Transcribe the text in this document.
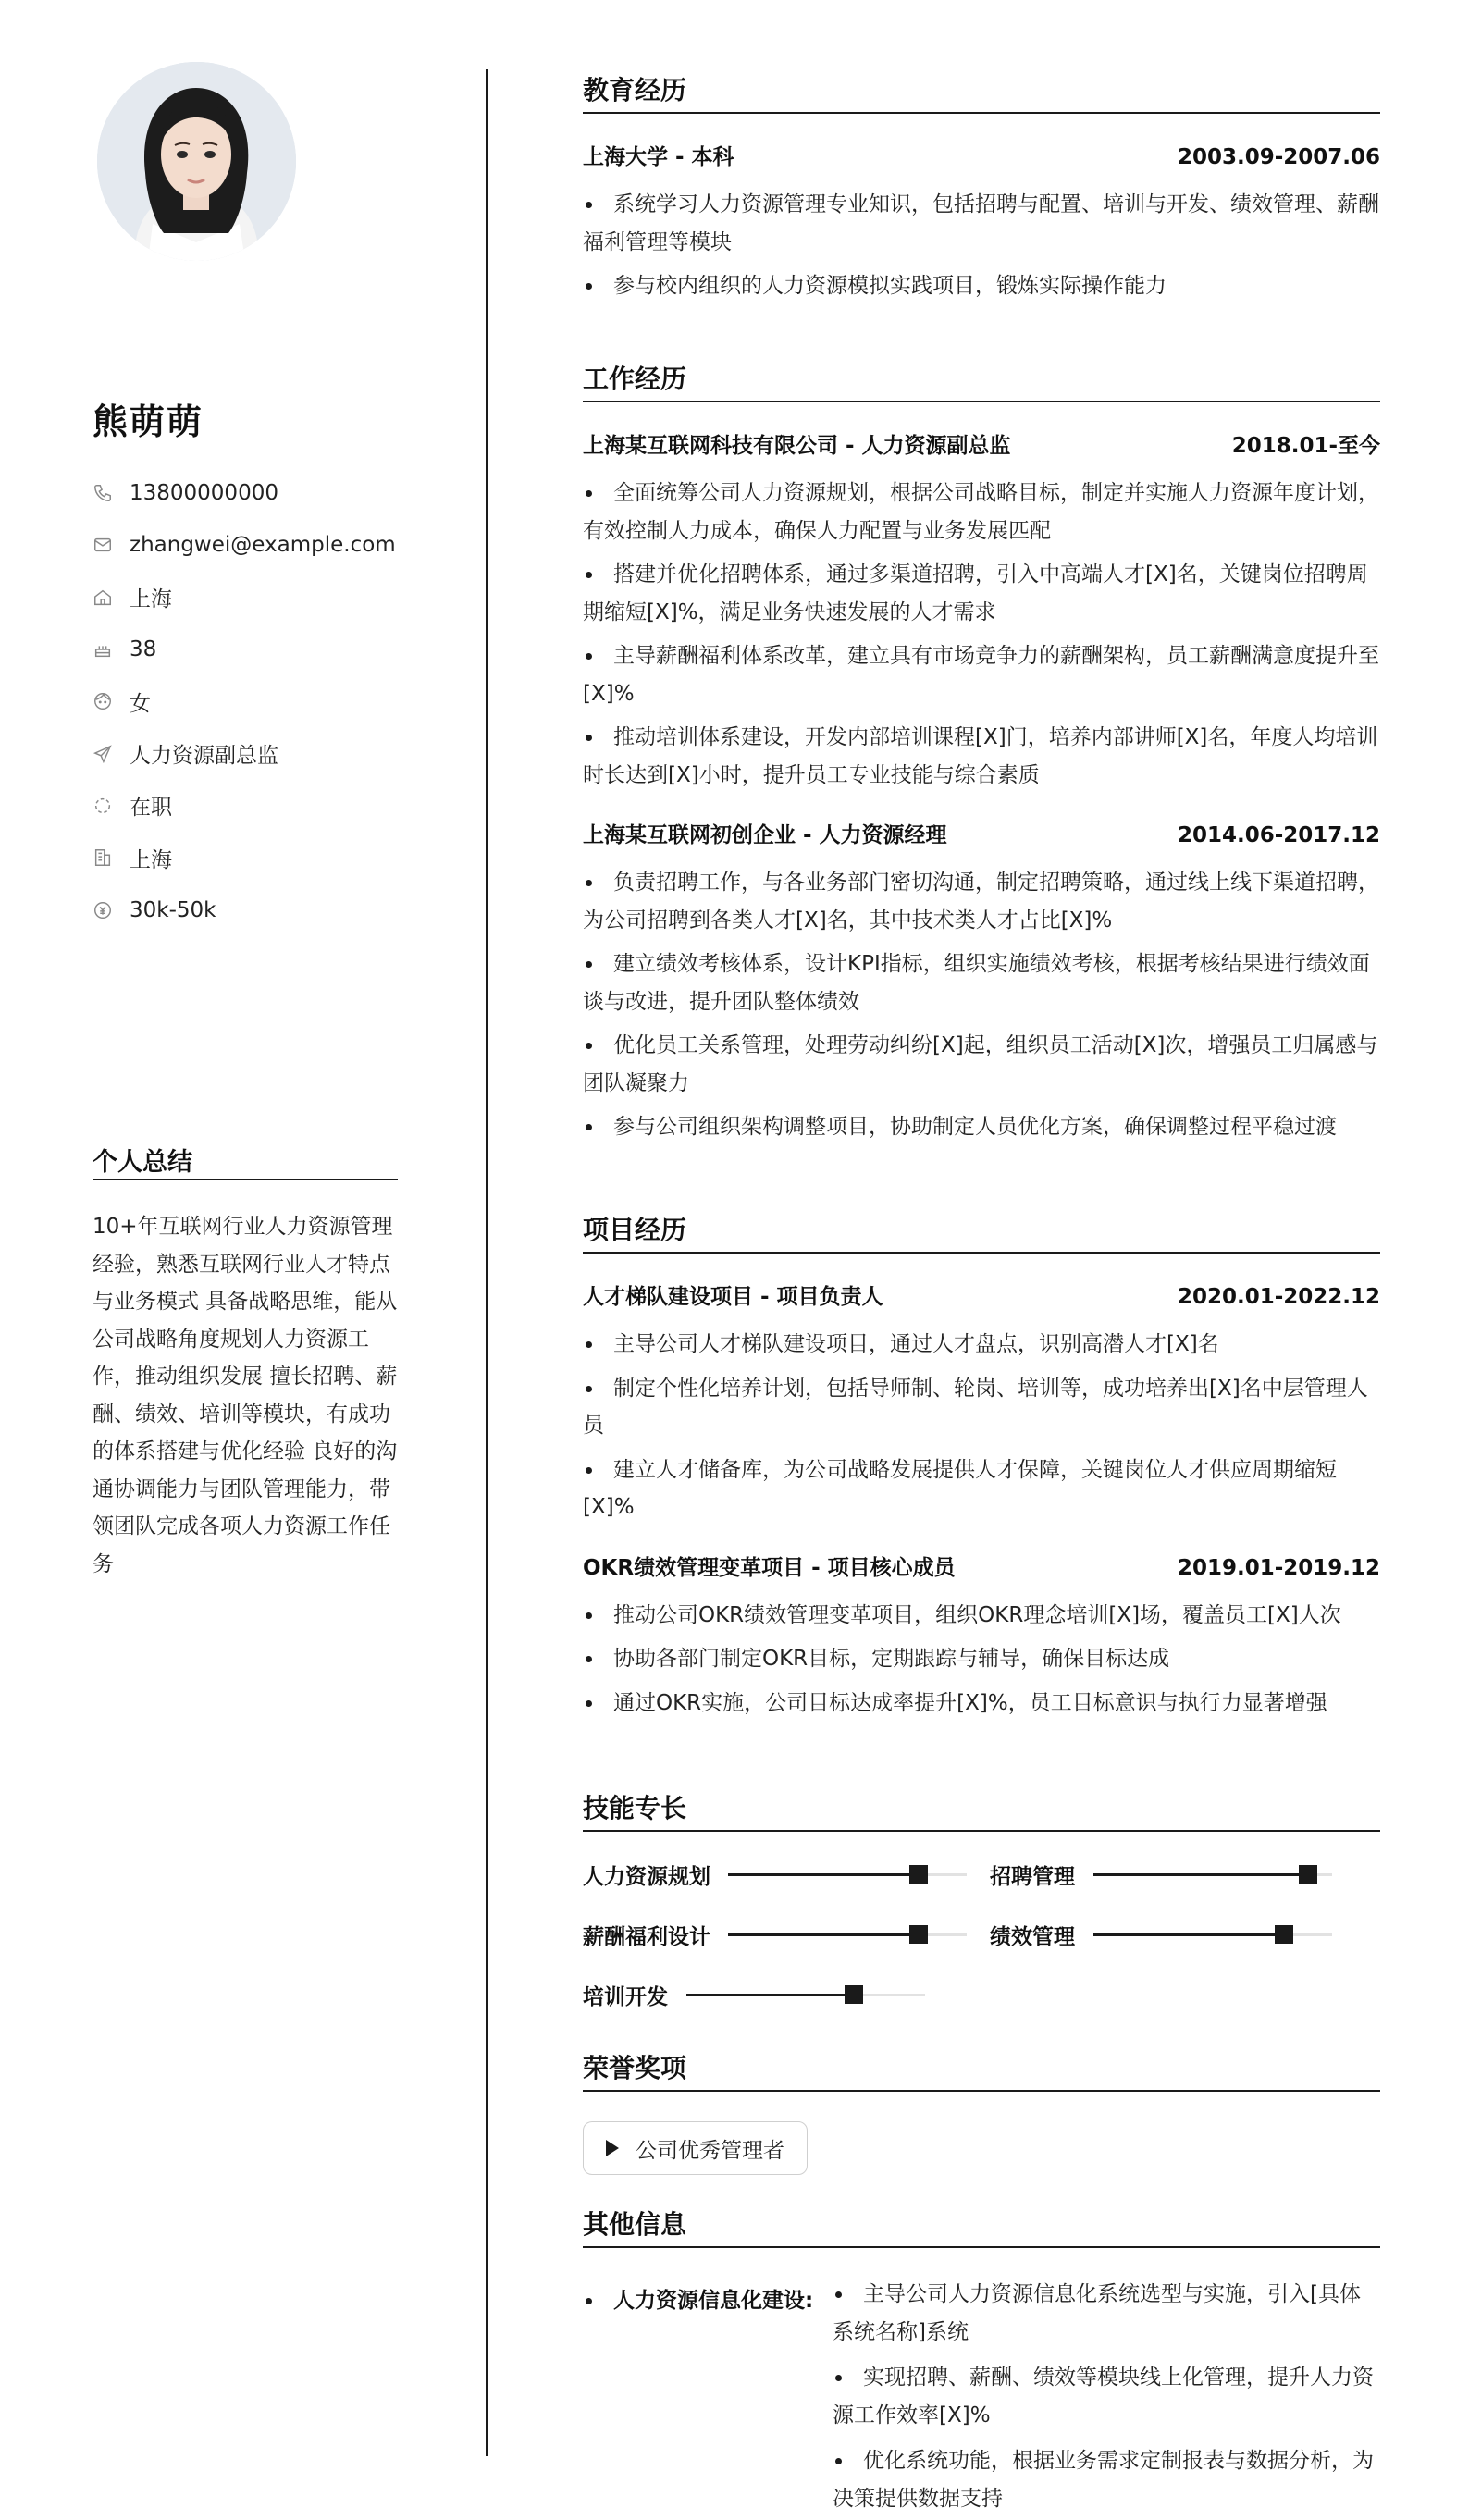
熊萌萌
13800000000
zhangwei@example.com
上海
38
女
人力资源副总监
在职
上海
30k-50k
个人总结
10+年互联网行业人力资源管理经验，熟悉互联网行业人才特点与业务模式 具备战略思维，能从公司战略角度规划人力资源工作，推动组织发展 擅长招聘、薪酬、绩效、培训等模块，有成功的体系搭建与优化经验 良好的沟通协调能力与团队管理能力，带领团队完成各项人力资源工作任务
教育经历
上海大学 - 本科	2003.09-2007.06
系统学习人力资源管理专业知识，包括招聘与配置、培训与开发、绩效管理、薪酬福利管理等模块
参与校内组织的人力资源模拟实践项目，锻炼实际操作能力
工作经历
上海某互联网科技有限公司 - 人力资源副总监	2018.01-至今
全面统筹公司人力资源规划，根据公司战略目标，制定并实施人力资源年度计划，有效控制人力成本，确保人力配置与业务发展匹配
搭建并优化招聘体系，通过多渠道招聘，引入中高端人才[X]名，关键岗位招聘周期缩短[X]%，满足业务快速发展的人才需求
主导薪酬福利体系改革，建立具有市场竞争力的薪酬架构，员工薪酬满意度提升至[X]%
推动培训体系建设，开发内部培训课程[X]门，培养内部讲师[X]名，年度人均培训时长达到[X]小时，提升员工专业技能与综合素质
上海某互联网初创企业 - 人力资源经理	2014.06-2017.12
负责招聘工作，与各业务部门密切沟通，制定招聘策略，通过线上线下渠道招聘，为公司招聘到各类人才[X]名，其中技术类人才占比[X]%
建立绩效考核体系，设计KPI指标，组织实施绩效考核，根据考核结果进行绩效面谈与改进，提升团队整体绩效
优化员工关系管理，处理劳动纠纷[X]起，组织员工活动[X]次，增强员工归属感与团队凝聚力
参与公司组织架构调整项目，协助制定人员优化方案，确保调整过程平稳过渡
项目经历
人才梯队建设项目 - 项目负责人	2020.01-2022.12
主导公司人才梯队建设项目，通过人才盘点，识别高潜人才[X]名
制定个性化培养计划，包括导师制、轮岗、培训等，成功培养出[X]名中层管理人员
建立人才储备库，为公司战略发展提供人才保障，关键岗位人才供应周期缩短[X]%
OKR绩效管理变革项目 - 项目核心成员	2019.01-2019.12
推动公司OKR绩效管理变革项目，组织OKR理念培训[X]场，覆盖员工[X]人次
协助各部门制定OKR目标，定期跟踪与辅导，确保目标达成
通过OKR实施，公司目标达成率提升[X]%，员工目标意识与执行力显著增强
技能专长
人力资源规划	招聘管理
薪酬福利设计	绩效管理
培训开发
荣誉奖项
公司优秀管理者
其他信息
人力资源信息化建设:	主导公司人力资源信息化系统选型与实施，引入[具体系统名称]系统
实现招聘、薪酬、绩效等模块线上化管理，提升人力资源工作效率[X]%
优化系统功能，根据业务需求定制报表与数据分析，为决策提供数据支持
